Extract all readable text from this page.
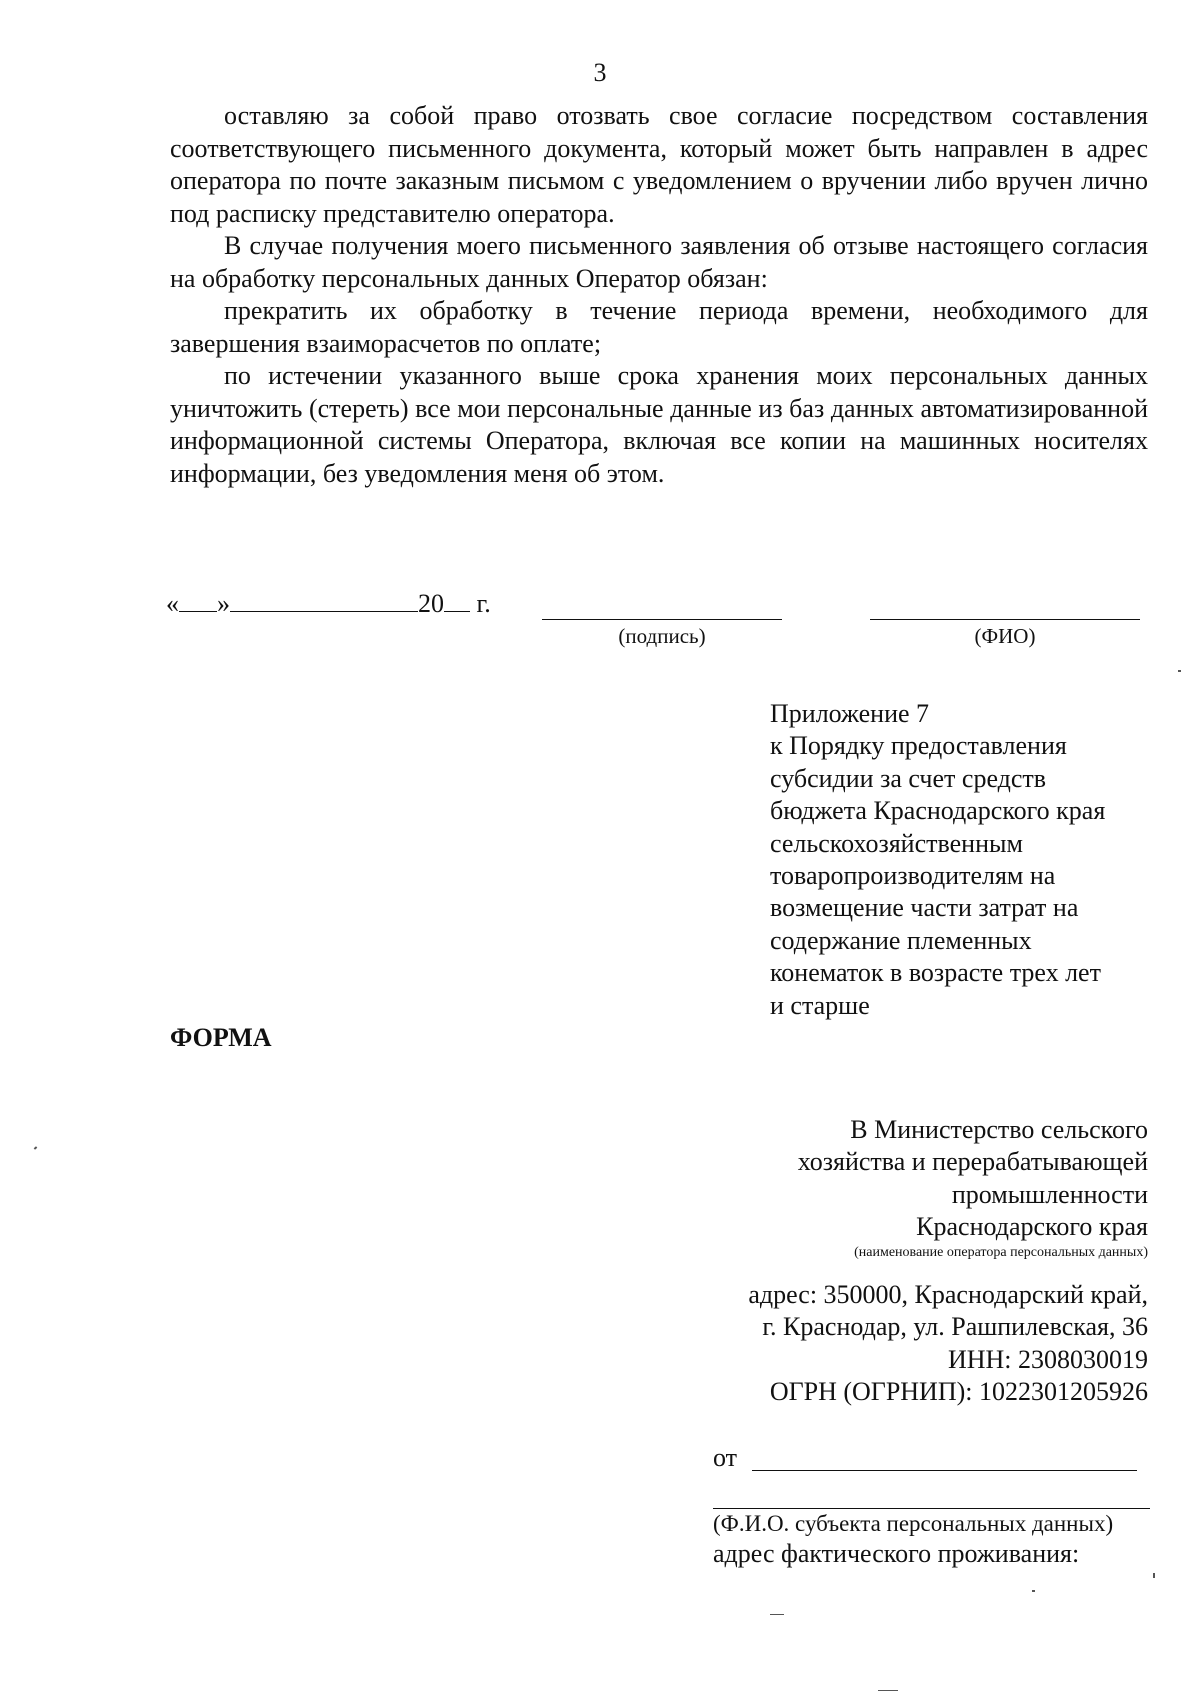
3

оставляю за собой право отозвать свое согласие посредством составления соответствующего письменного документа, который может быть направлен в адрес оператора по почте заказным письмом с уведомлением о вручении либо вручен лично под расписку представителю оператора.

В случае получения моего письменного заявления об отзыве настоящего согласия на обработку персональных данных Оператор обязан:

прекратить их обработку в течение периода времени, необходимого для завершения взаиморасчетов по оплате;

по истечении указанного выше срока хранения моих персональных данных уничтожить (стереть) все мои персональные данные из баз данных автоматизированной информационной системы Оператора, включая все копии на машинных носителях информации, без уведомления меня об этом.

« »	20 г.
(подпись)	(ФИО)
Приложение 7
к Порядку предоставления
субсидии за счет средств
бюджета Краснодарского края
сельскохозяйственным
товаропроизводителям на
возмещение части затрат на
содержание племенных
конематок в возрасте трех лет
и старше
ФОРМА
В Министерство сельского
хозяйства и перерабатывающей
промышленности
Краснодарского края
(наименование оператора персональных данных)
адрес: 350000, Краснодарский край,
г. Краснодар, ул. Рашпилевская, 36
ИНН: 2308030019
ОГРН (ОГРНИП): 1022301205926
от
(Ф.И.О. субъекта персональных данных)
адрес фактического проживания:
